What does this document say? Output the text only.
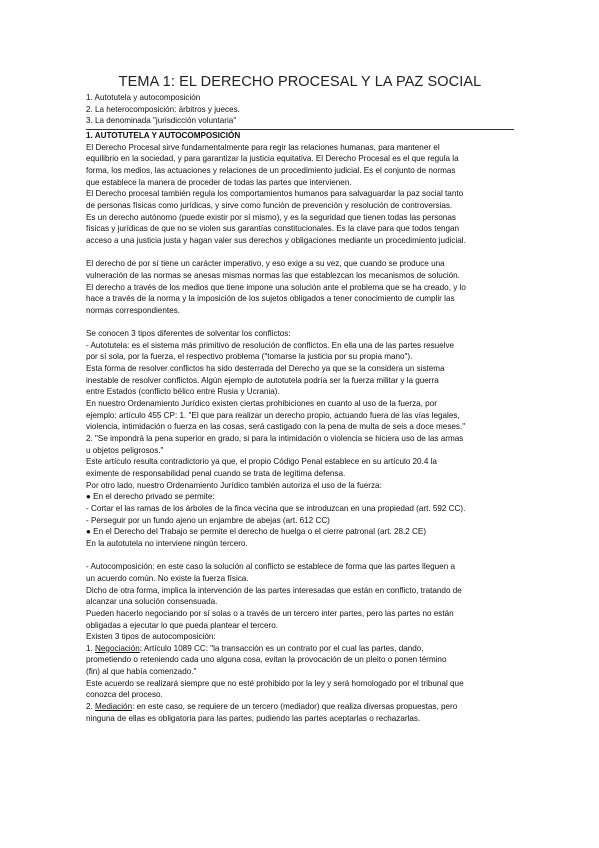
TEMA 1: EL DERECHO PROCESAL Y LA PAZ SOCIAL
1. Autotutela y autocomposición
2. La heterocomposición: árbitros y jueces.
3. La denominada "jurisdicción voluntaria"

1. AUTOTUTELA Y AUTOCOMPOSICIÓN

El Derecho Procesal sirve fundamentalmente para regir las relaciones humanas, para mantener el

equilibrio en la sociedad, y para garantizar la justicia equitativa. El Derecho Procesal es el que regula la

forma, los medios, las actuaciones y relaciones de un procedimiento judicial. Es el conjunto de normas

que establece la manera de proceder de todas las partes que intervienen.

El Derecho procesal también regula los comportamientos humanos para salvaguardar la paz social tanto

de personas físicas como jurídicas, y sirve como función de prevención y resolución de controversias.

Es un derecho autónomo (puede existir por sí mismo), y es la seguridad que tienen todas las personas

físicas y jurídicas de que no se violen sus garantías constitucionales. Es la clave para que todos tengan

acceso a una justicia justa y hagan valer sus derechos y obligaciones mediante un procedimiento judicial.

El derecho de por sí tiene un carácter imperativo, y eso exige a su vez, que cuando se produce una

vulneración de las normas se anesas mismas normas las que establezcan los mecanismos de solución.

El derecho a través de los medios que tiene impone una solución ante el problema que se ha creado, y lo

hace a través de la norma y la imposición de los sujetos obligados a tener conocimiento de cumplir las

normas correspondientes.

Se conocen 3 tipos diferentes de solventar los conflictos:

- Autotutela: es el sistema más primitivo de resolución de conflictos. En ella una de las partes resuelve

por sí sola, por la fuerza, el respectivo problema ("tomarse la justicia por su propia mano").

Esta forma de resolver conflictos ha sido desterrada del Derecho ya que se la considera un sistema

inestable de resolver conflictos. Algún ejemplo de autotutela podría ser la fuerza militar y la guerra

entre Estados (conflicto bélico entre Rusia y Ucrania).

En nuestro Ordenamiento Jurídico existen ciertas prohibiciones en cuanto al uso de la fuerza, por

ejemplo: artículo 455 CP: 1. "El que para realizar un derecho propio, actuando fuera de las vías legales,

violencia, intimidación o fuerza en las cosas, será castigado con la pena de multa de seis a doce meses."

2. "Se impondrá la pena superior en grado, si para la intimidación o violencia se hiciera uso de las armas

u objetos peligrosos."

Este artículo resulta contradictorio ya que, el propio Código Penal establece en su artículo 20.4 la

eximente de responsabilidad penal cuando se trata de legítima defensa.

Por otro lado, nuestro Ordenamiento Jurídico también autoriza el uso de la fuerza:

● En el derecho privado se permite:

- Cortar el las ramas de los árboles de la finca vecina que se introduzcan en una propiedad (art. 592 CC).

- Perseguir por un fundo ajeno un enjambre de abejas (art. 612 CC)

● En el Derecho del Trabajo se permite el derecho de huelga o el cierre patronal (art. 28.2 CE)

En la autotutela no interviene ningún tercero.

- Autocomposición: en este caso la solución al conflicto se establece de forma que las partes lleguen a

un acuerdo común. No existe la fuerza física.

Dicho de otra forma, implica la intervención de las partes interesadas que están en conflicto, tratando de

alcanzar una solución consensuada.

Pueden hacerlo negociando por sí solas o a través de un tercero inter partes, pero las partes no están

obligadas a ejecutar lo que pueda plantear el tercero.

Existen 3 tipos de autocomposición:

1. Negociación: Artículo 1089 CC: "la transacción es un contrato por el cual las partes, dando,

prometiendo o reteniendo cada uno alguna cosa, evitan la provocación de un pleito o ponen término

(fin) al que había comenzado."

Este acuerdo se realizará siempre que no esté prohibido por la ley y será homologado por el tribunal que

conozca del proceso.

2. Mediación: en este caso, se requiere de un tercero (mediador) que realiza diversas propuestas, pero

ninguna de ellas es obligatoria para las partes, pudiendo las partes aceptarlas o rechazarlas.
